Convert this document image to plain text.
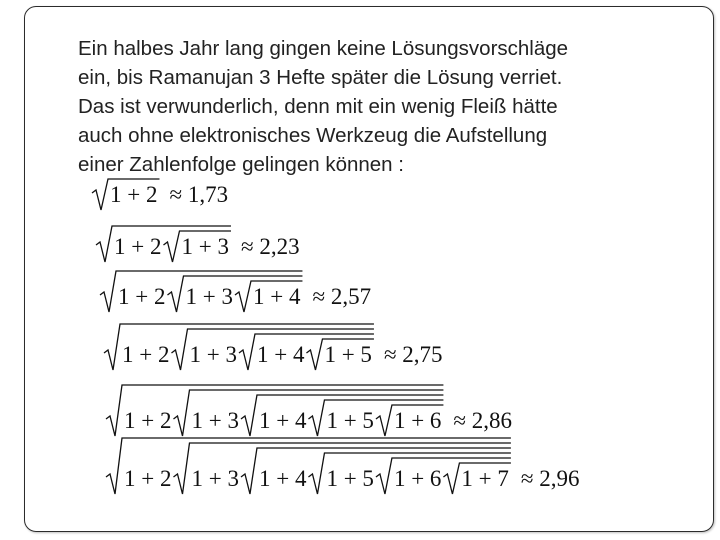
Ein halbes Jahr lang gingen keine Lösungsvorschläge

ein, bis Ramanujan 3 Hefte später die Lösung verriet.

Das ist verwunderlich, denn mit ein wenig Fleiß hätte

auch ohne elektronisches Werkzeug die Aufstellung

einer Zahlenfolge gelingen können :

1 + 2 ≈ 1,73
1 + 2 1 + 3 ≈ 2,23
1 + 2 1 + 3 1 + 4 ≈ 2,57
1 + 2 1 + 3 1 + 4 1 + 5 ≈ 2,75
1 + 2 1 + 3 1 + 4 1 + 5 1 + 6 ≈ 2,86
1 + 2 1 + 3 1 + 4 1 + 5 1 + 6 1 + 7 ≈ 2,96
